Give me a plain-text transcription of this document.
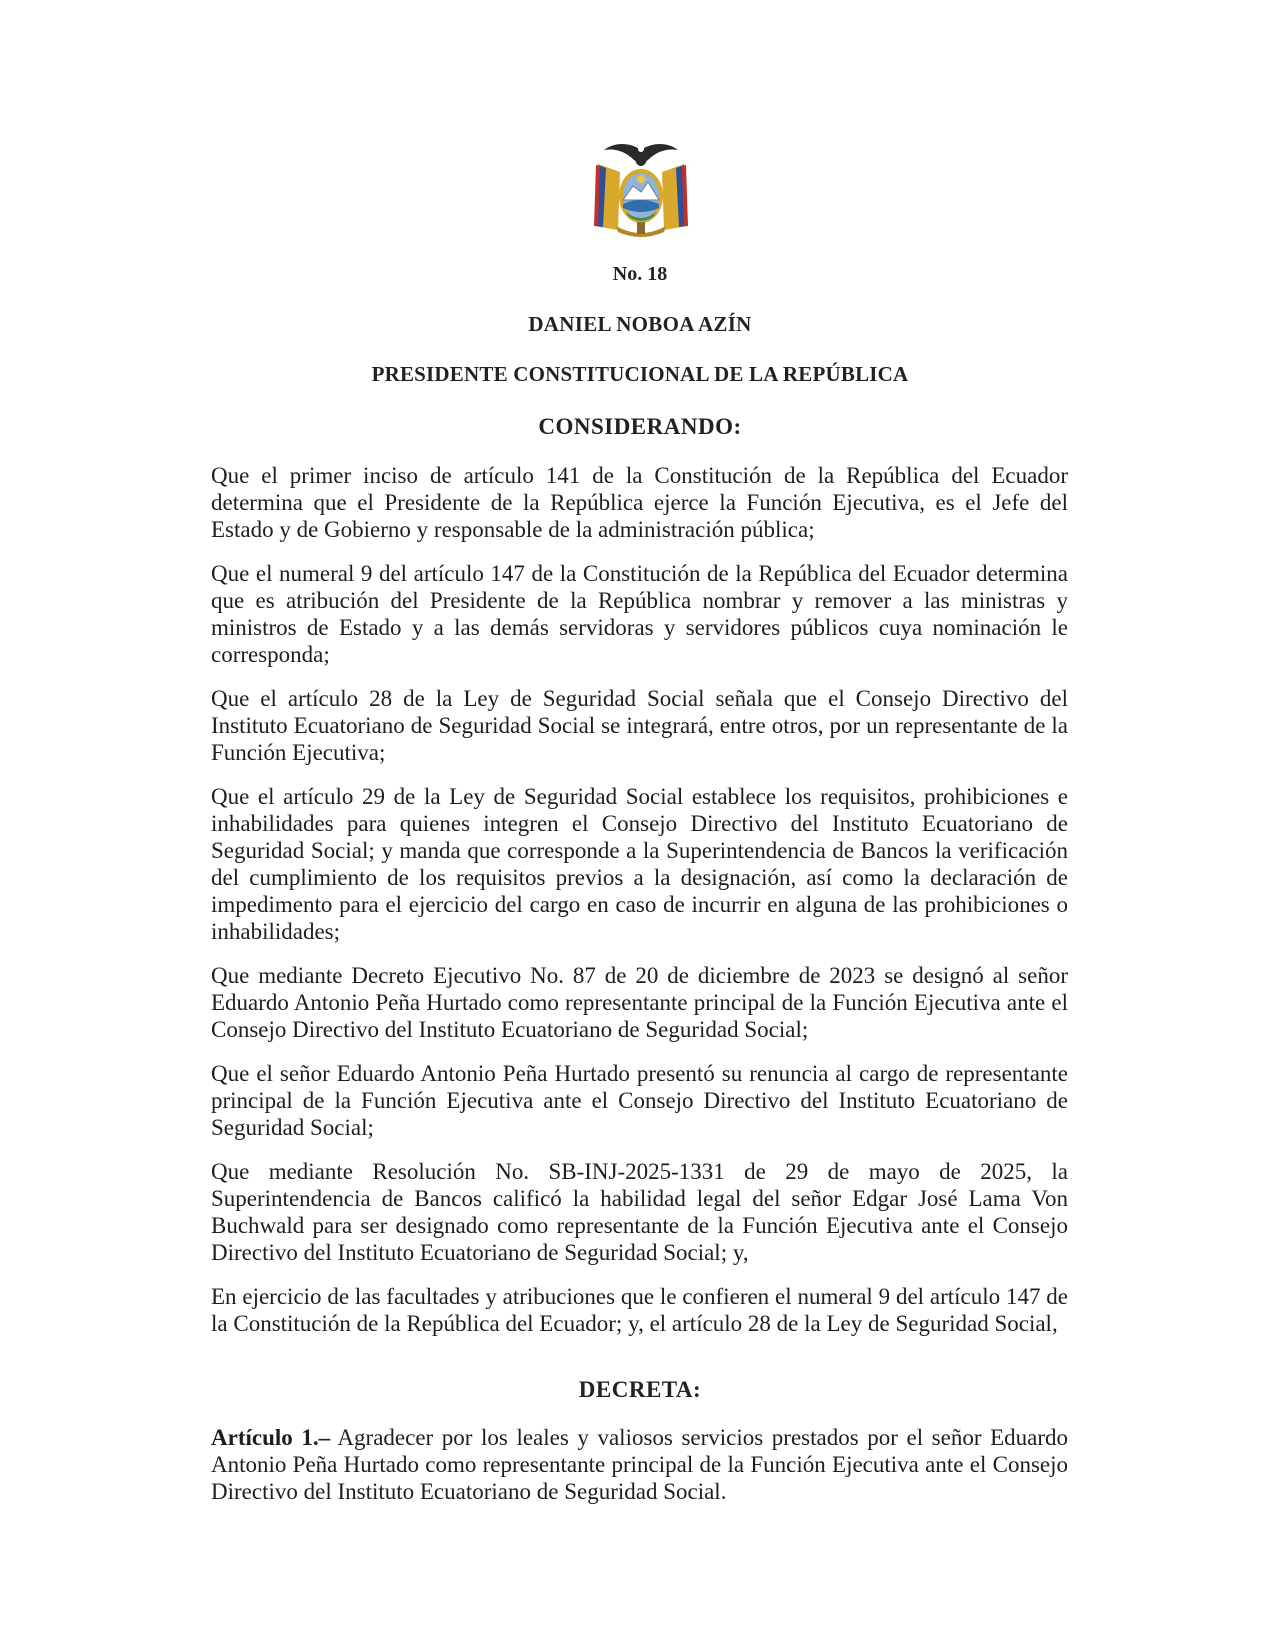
No. 18
DANIEL NOBOA AZÍN
PRESIDENTE CONSTITUCIONAL DE LA REPÚBLICA
CONSIDERANDO:

Que el primer inciso de artículo 141 de la Constitución de la República del Ecuador determina que el Presidente de la República ejerce la Función Ejecutiva, es el Jefe del Estado y de Gobierno y responsable de la administración pública;

Que el numeral 9 del artículo 147 de la Constitución de la República del Ecuador determina que es atribución del Presidente de la República nombrar y remover a las ministras y ministros de Estado y a las demás servidoras y servidores públicos cuya nominación le corresponda;

Que el artículo 28 de la Ley de Seguridad Social señala que el Consejo Directivo del Instituto Ecuatoriano de Seguridad Social se integrará, entre otros, por un representante de la Función Ejecutiva;

Que el artículo 29 de la Ley de Seguridad Social establece los requisitos, prohibiciones e inhabilidades para quienes integren el Consejo Directivo del Instituto Ecuatoriano de Seguridad Social; y manda que corresponde a la Superintendencia de Bancos la verificación del cumplimiento de los requisitos previos a la designación, así como la declaración de impedimento para el ejercicio del cargo en caso de incurrir en alguna de las prohibiciones o inhabilidades;

Que mediante Decreto Ejecutivo No. 87 de 20 de diciembre de 2023 se designó al señor Eduardo Antonio Peña Hurtado como representante principal de la Función Ejecutiva ante el Consejo Directivo del Instituto Ecuatoriano de Seguridad Social;

Que el señor Eduardo Antonio Peña Hurtado presentó su renuncia al cargo de representante principal de la Función Ejecutiva ante el Consejo Directivo del Instituto Ecuatoriano de Seguridad Social;

Que mediante Resolución No. SB-INJ-2025-1331 de 29 de mayo de 2025, la Superintendencia de Bancos calificó la habilidad legal del señor Edgar José Lama Von Buchwald para ser designado como representante de la Función Ejecutiva ante el Consejo Directivo del Instituto Ecuatoriano de Seguridad Social; y,

En ejercicio de las facultades y atribuciones que le confieren el numeral 9 del artículo 147 de la Constitución de la República del Ecuador; y, el artículo 28 de la Ley de Seguridad Social,

DECRETA:

Artículo 1.– Agradecer por los leales y valiosos servicios prestados por el señor Eduardo Antonio Peña Hurtado como representante principal de la Función Ejecutiva ante el Consejo Directivo del Instituto Ecuatoriano de Seguridad Social.
